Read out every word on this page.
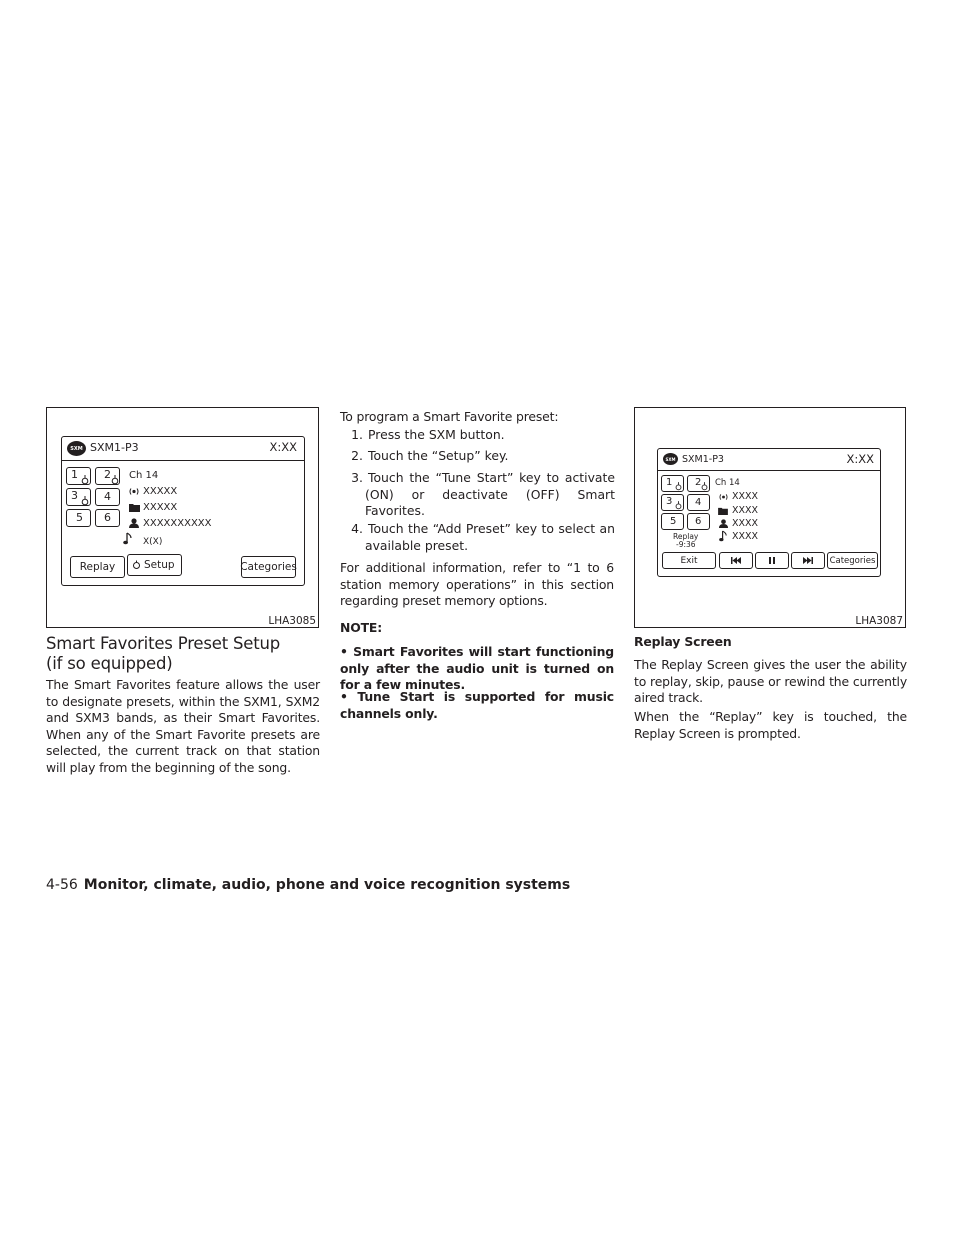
SXM SXM1-P3	X:XX
1 2
3 4
5 6
Ch 14
XXXXX
XXXXX
XXXXXXXXXX
X(X)
Replay	Setup	Categories
LHA3085
Smart Favorites Preset Setup
(if so equipped)
The Smart Favorites feature allows the user to designate presets, within the SXM1, SXM2 and SXM3 bands, as their Smart Favorites. When any of the Smart Favorite presets are selected, the current track on that station will play from the beginning of the song.
To program a Smart Favorite preset:
1. Press the SXM button.
2. Touch the “Setup” key.
3. Touch the “Tune Start” key to activate (ON) or deactivate (OFF) Smart Favorites.
4. Touch the “Add Preset” key to select an available preset.
For additional information, refer to “1 to 6 station memory operations” in this section regarding preset memory options.
NOTE:
• Smart Favorites will start functioning only after the audio unit is turned on for a few minutes.
• Tune Start is supported for music channels only.
SXM SXM1-P3	X:XX
1 2
3 4
5 6
Replay
-9:36
Ch 14
XXXX
XXXX
XXXX
XXXX
Exit	Categories
LHA3087
Replay Screen
The Replay Screen gives the user the ability to replay, skip, pause or rewind the currently aired track.
When the “Replay” key is touched, the Replay Screen is prompted.
4-56 Monitor, climate, audio, phone and voice recognition systems
